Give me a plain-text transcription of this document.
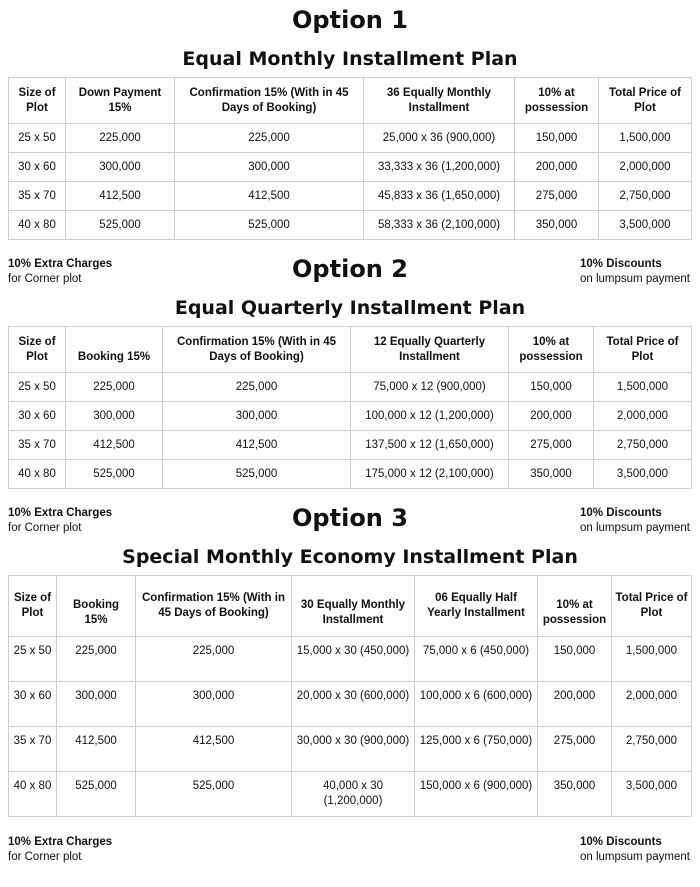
Option 1
Equal Monthly Installment Plan
Size of Plot	Down Payment 15%	Confirmation 15% (With in 45 Days of Booking)	36 Equally Monthly Installment	10% at possession	Total Price of Plot
25 x 50	225,000	225,000	25,000 x 36 (900,000)	150,000	1,500,000
30 x 60	300,000	300,000	33,333 x 36 (1,200,000)	200,000	2,000,000
35 x 70	412,500	412,500	45,833 x 36 (1,650,000)	275,000	2,750,000
40 x 80	525,000	525,000	58,333 x 36 (2,100,000)	350,000	3,500,000
10% Extra Charges
for Corner plot
10% Discounts
on lumpsum payment
Option 2
Equal Quarterly Installment Plan
Size of Plot	Booking 15%	Confirmation 15% (With in 45 Days of Booking)	12 Equally Quarterly Installment	10% at possession	Total Price of Plot
25 x 50	225,000	225,000	75,000 x 12 (900,000)	150,000	1,500,000
30 x 60	300,000	300,000	100,000 x 12 (1,200,000)	200,000	2,000,000
35 x 70	412,500	412,500	137,500 x 12 (1,650,000)	275,000	2,750,000
40 x 80	525,000	525,000	175,000 x 12 (2,100,000)	350,000	3,500,000
10% Extra Charges
for Corner plot
10% Discounts
on lumpsum payment
Option 3
Special Monthly Economy Installment Plan
Size of Plot	Booking 15%	Confirmation 15% (With in 45 Days of Booking)	30 Equally Monthly Installment	06 Equally Half Yearly Installment	10% at possession	Total Price of Plot
25 x 50	225,000	225,000	15,000 x 30 (450,000)	75,000 x 6 (450,000)	150,000	1,500,000
30 x 60	300,000	300,000	20,000 x 30 (600,000)	100,000 x 6 (600,000)	200,000	2,000,000
35 x 70	412,500	412,500	30,000 x 30 (900,000)	125,000 x 6 (750,000)	275,000	2,750,000
40 x 80	525,000	525,000	40,000 x 30 (1,200,000)	150,000 x 6 (900,000)	350,000	3,500,000
10% Extra Charges
for Corner plot
10% Discounts
on lumpsum payment
